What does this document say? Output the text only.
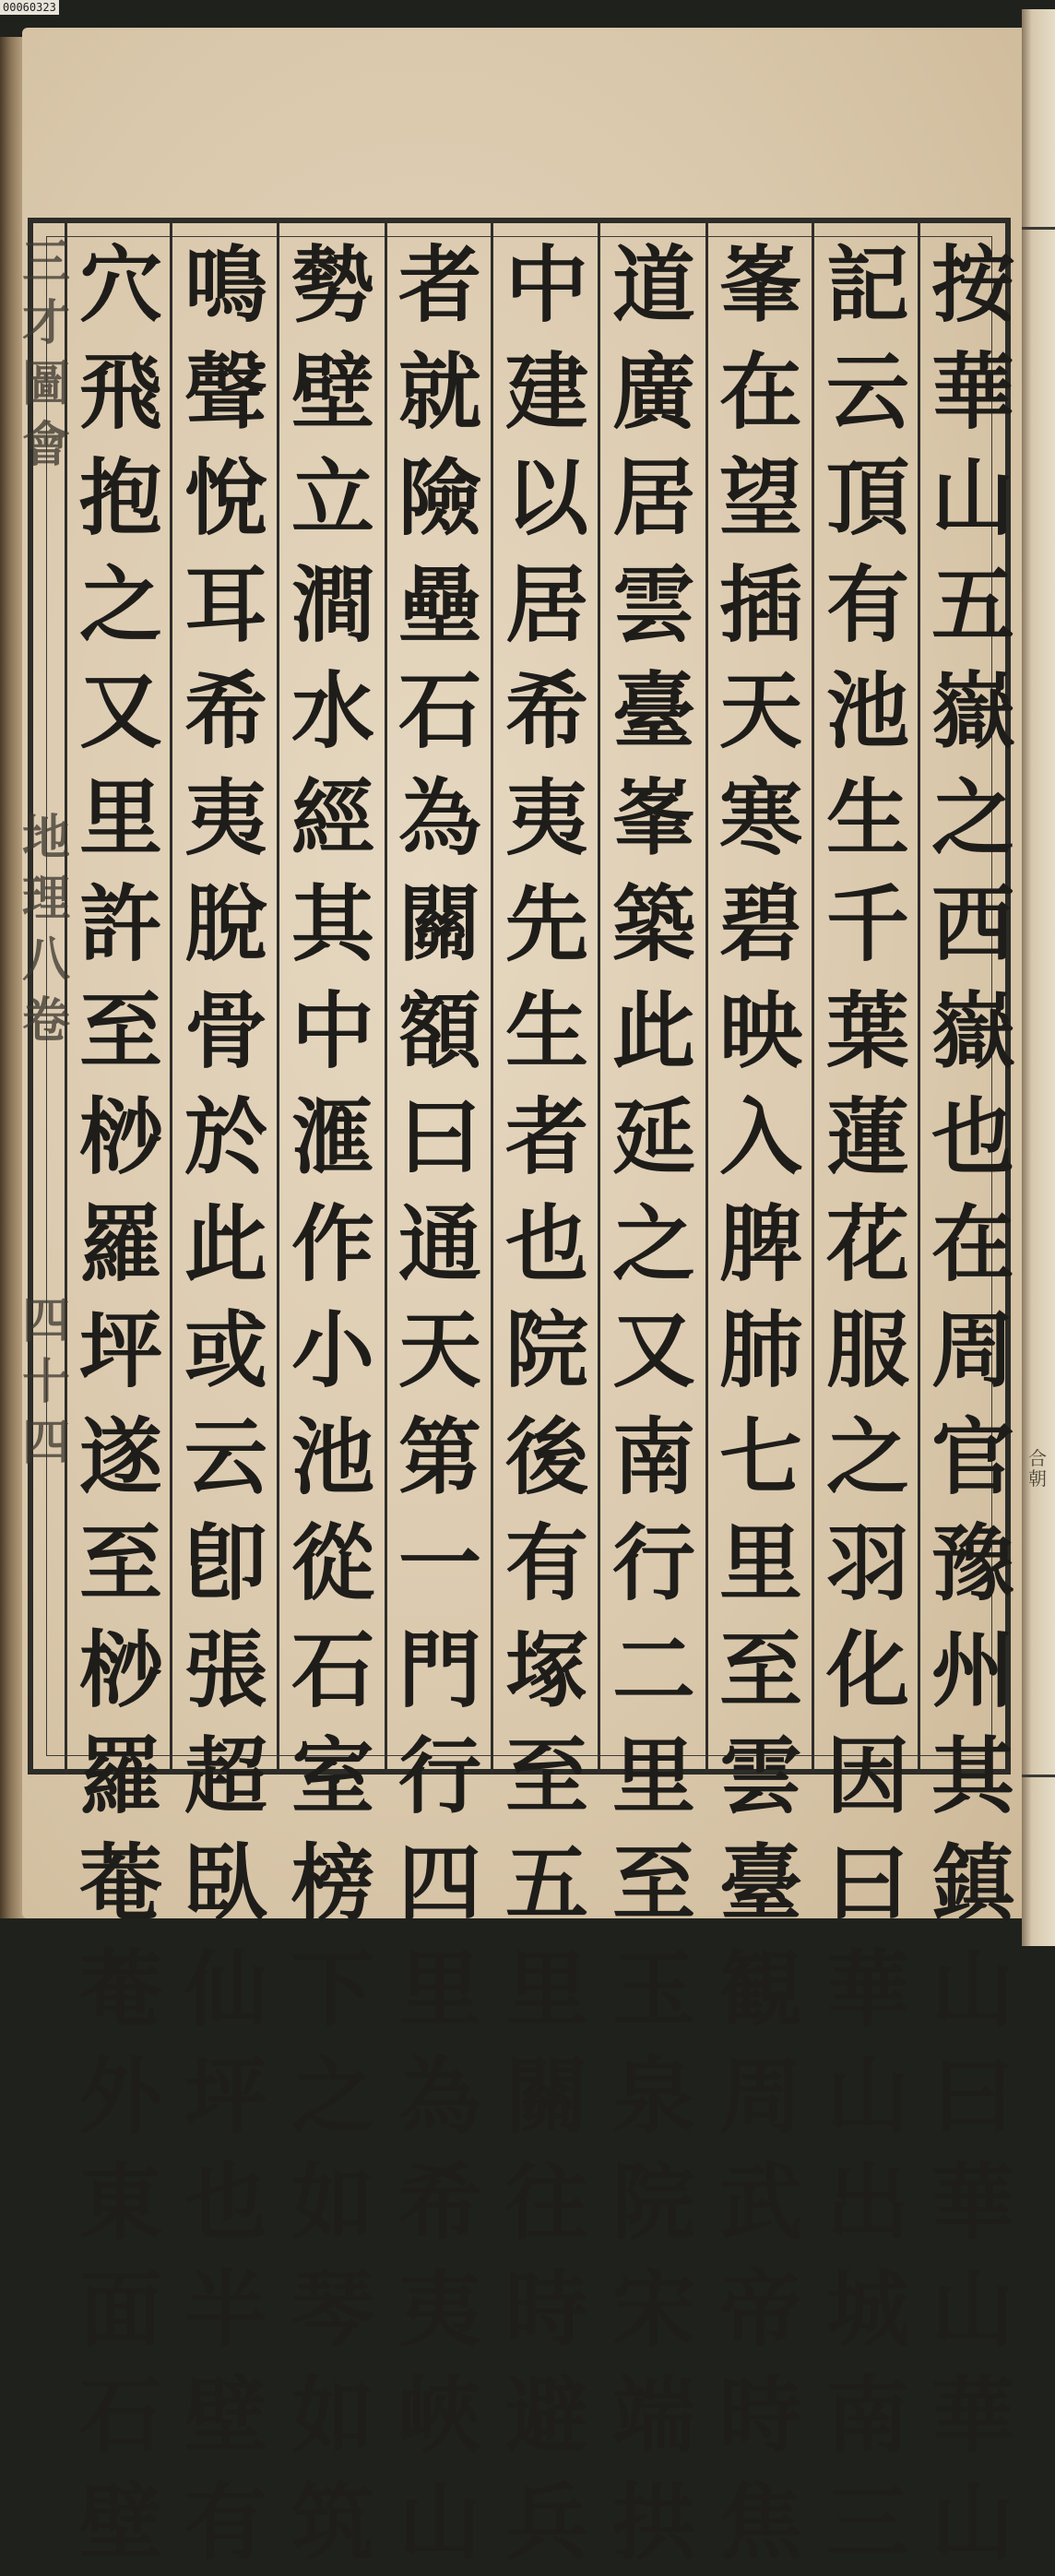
00060323
合朝
按
華
山
五
嶽
之
西
嶽
也
在
周
官
豫
州
其
鎮
山
曰
華
山
華
山
記
云
頂
有
池
生
千
葉
蓮
花
服
之
羽
化
因
曰
華
山
出
城
南
三
峯
在
望
插
天
寒
碧
映
入
脾
肺
七
里
至
雲
臺
観
周
武
帝
時
焦
道
廣
居
雲
臺
峯
築
此
延
之
又
南
行
二
里
至
玉
泉
院
宋
端
拱
中
建
以
居
希
夷
先
生
者
也
院
後
有
塚
至
五
里
關
往
時
避
兵
者
就
險
壘
石
為
關
額
曰
通
天
第
一
門
行
四
里
為
希
夷
峽
山
勢
壁
立
澗
水
經
其
中
滙
作
小
池
從
石
室
榜
下
之
如
琴
如
筑
鳴
聲
悅
耳
希
夷
脫
骨
於
此
或
云
卽
張
超
臥
仙
坪
也
半
壁
有
穴
飛
抱
之
又
里
許
至
桫
羅
坪
遂
至
桫
羅
菴
菴
外
東
面
石
壁
三
才
圖
會
地
理
八
卷
四
十
四
